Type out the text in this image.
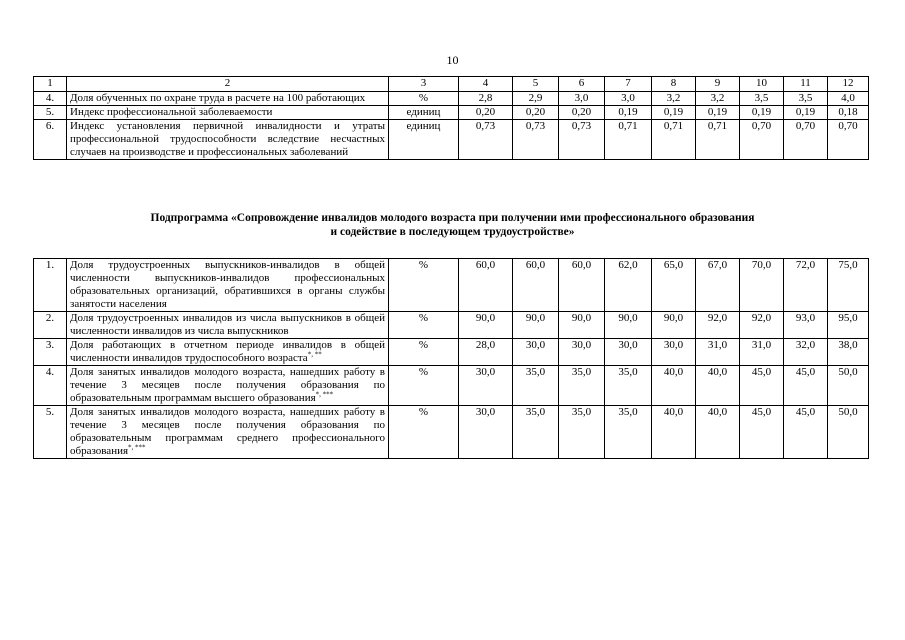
10
1	2	3	4	5	6	7	8	9	10	11	12
4.	Доля обученных по охране труда в расчете на 100 работающих	%	2,8	2,9	3,0	3,0	3,2	3,2	3,5	3,5	4,0
5.	Индекс профессиональной заболеваемости	единиц	0,20	0,20	0,20	0,19	0,19	0,19	0,19	0,19	0,18
6.	Индекс установления первичной инвалидности и утраты профессиональной трудоспособности вследствие несчастных случаев на производстве и профессиональных заболеваний	единиц	0,73	0,73	0,73	0,71	0,71	0,71	0,70	0,70	0,70
Подпрограмма «Сопровождение инвалидов молодого возраста при получении ими профессионального образования
и содействие в последующем трудоустройстве»
1.	Доля трудоустроенных выпускников-инвалидов в общей численности выпускников-инвалидов профессиональных образовательных организаций, обратившихся в органы службы занятости населения	%	60,0	60,0	60,0	62,0	65,0	67,0	70,0	72,0	75,0
2.	Доля трудоустроенных инвалидов из числа выпускников в общей численности инвалидов из числа выпускников	%	90,0	90,0	90,0	90,0	90,0	92,0	92,0	93,0	95,0
3.	Доля работающих в отчетном периоде инвалидов в общей численности инвалидов трудоспособного возраста*, **	%	28,0	30,0	30,0	30,0	30,0	31,0	31,0	32,0	38,0
4.	Доля занятых инвалидов молодого возраста, нашедших работу в течение 3 месяцев после получения образования по образовательным программам высшего образования*, ***	%	30,0	35,0	35,0	35,0	40,0	40,0	45,0	45,0	50,0
5.	Доля занятых инвалидов молодого возраста, нашедших работу в течение 3 месяцев после получения образования по образовательным программам среднего профессионального образования*, ***	%	30,0	35,0	35,0	35,0	40,0	40,0	45,0	45,0	50,0
